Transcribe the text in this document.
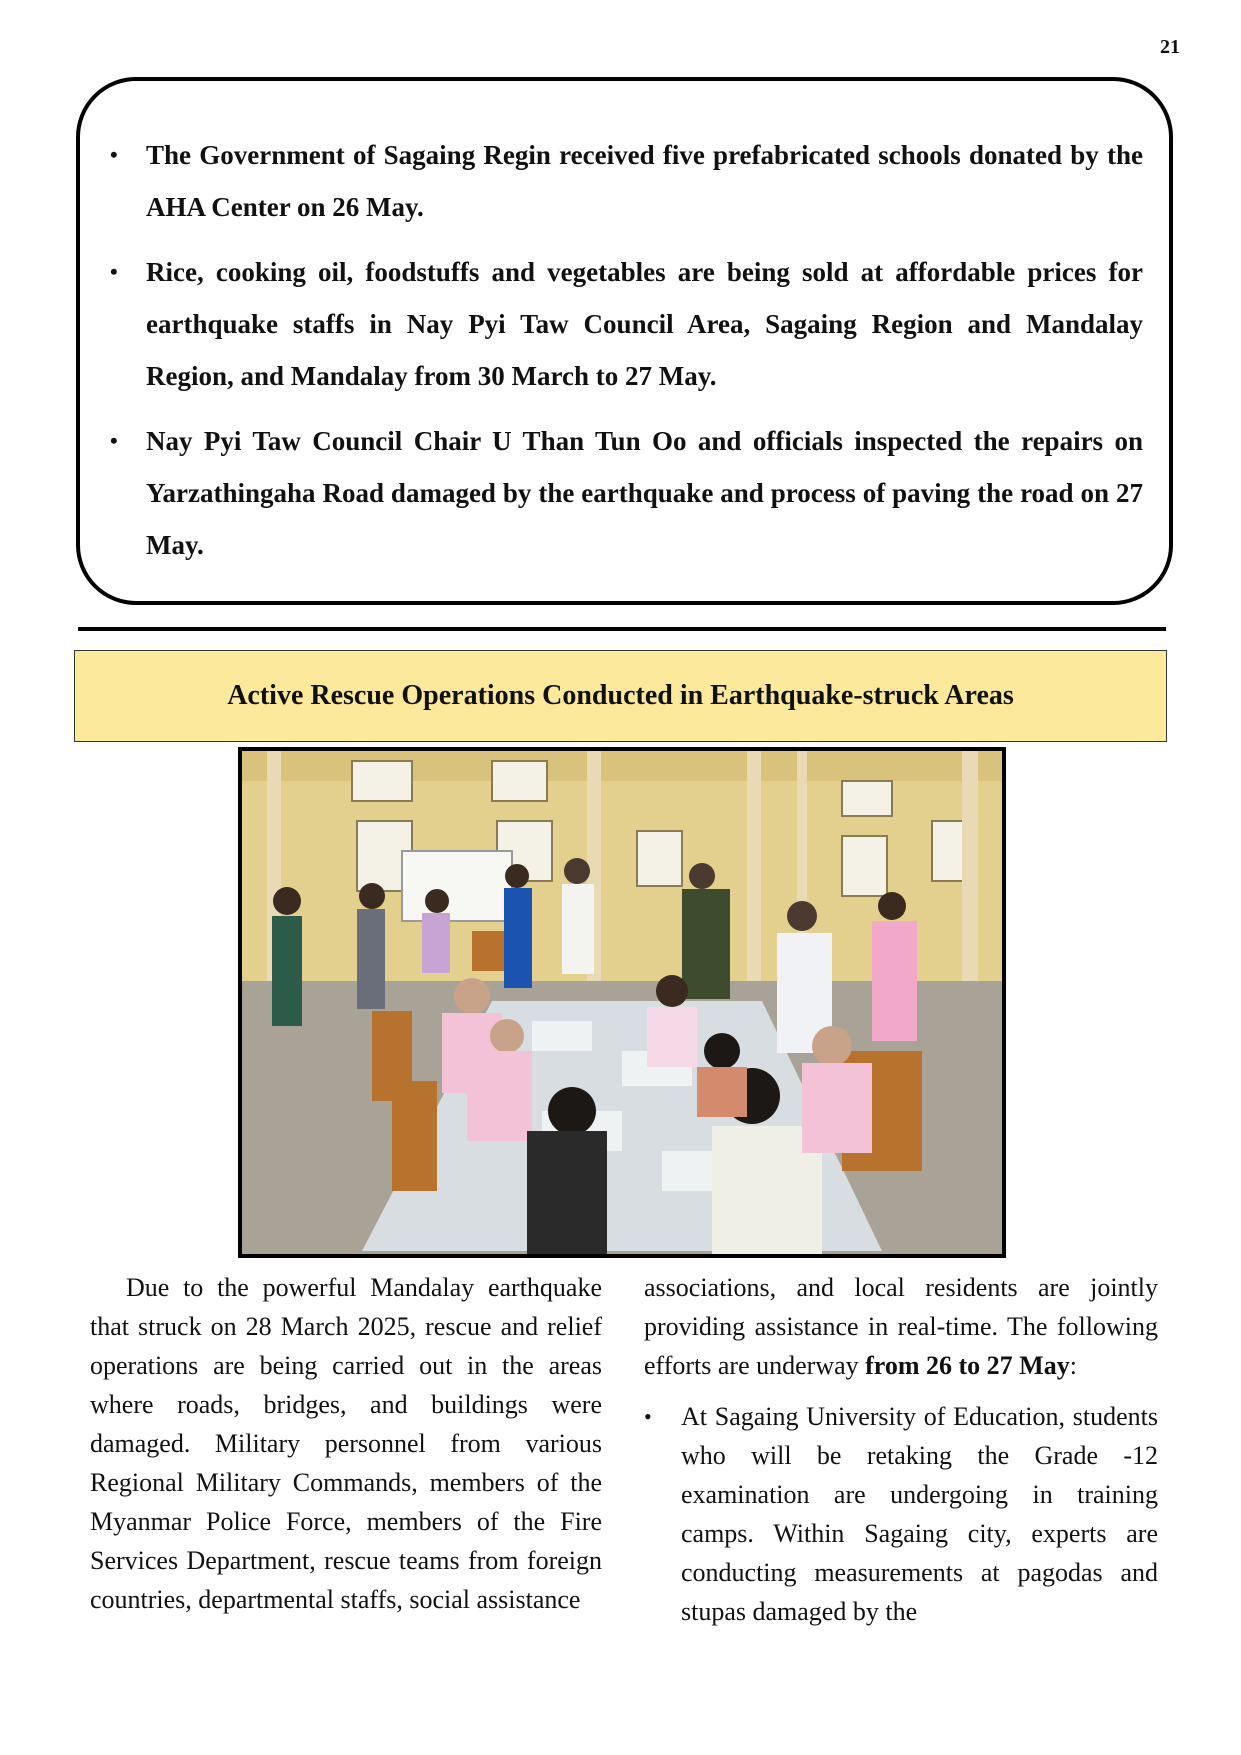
21
• The Government of Sagaing Regin received five prefabricated schools donated by the AHA Center on 26 May.
• Rice, cooking oil, foodstuffs and vegetables are being sold at affordable prices for earthquake staffs in Nay Pyi Taw Council Area, Sagaing Region and Mandalay Region, and Mandalay from 30 March to 27 May.
• Nay Pyi Taw Council Chair U Than Tun Oo and officials inspected the repairs on Yarzathingaha Road damaged by the earthquake and process of paving the road on 27 May.
Active Rescue Operations Conducted in Earthquake-struck Areas

Due to the powerful Mandalay earthquake that struck on 28 March 2025, rescue and relief operations are being carried out in the areas where roads, bridges, and buildings were damaged. Military personnel from various Regional Military Commands, members of the Myanmar Police Force, members of the Fire Services Department, rescue teams from foreign countries, departmental staffs, social assistance

associations, and local residents are jointly providing assistance in real-time. The following efforts are underway from 26 to 27 May:

• At Sagaing University of Education, students who will be retaking the Grade -12 examination are undergoing in training camps. Within Sagaing city, experts are conducting measurements at pagodas and stupas damaged by the
